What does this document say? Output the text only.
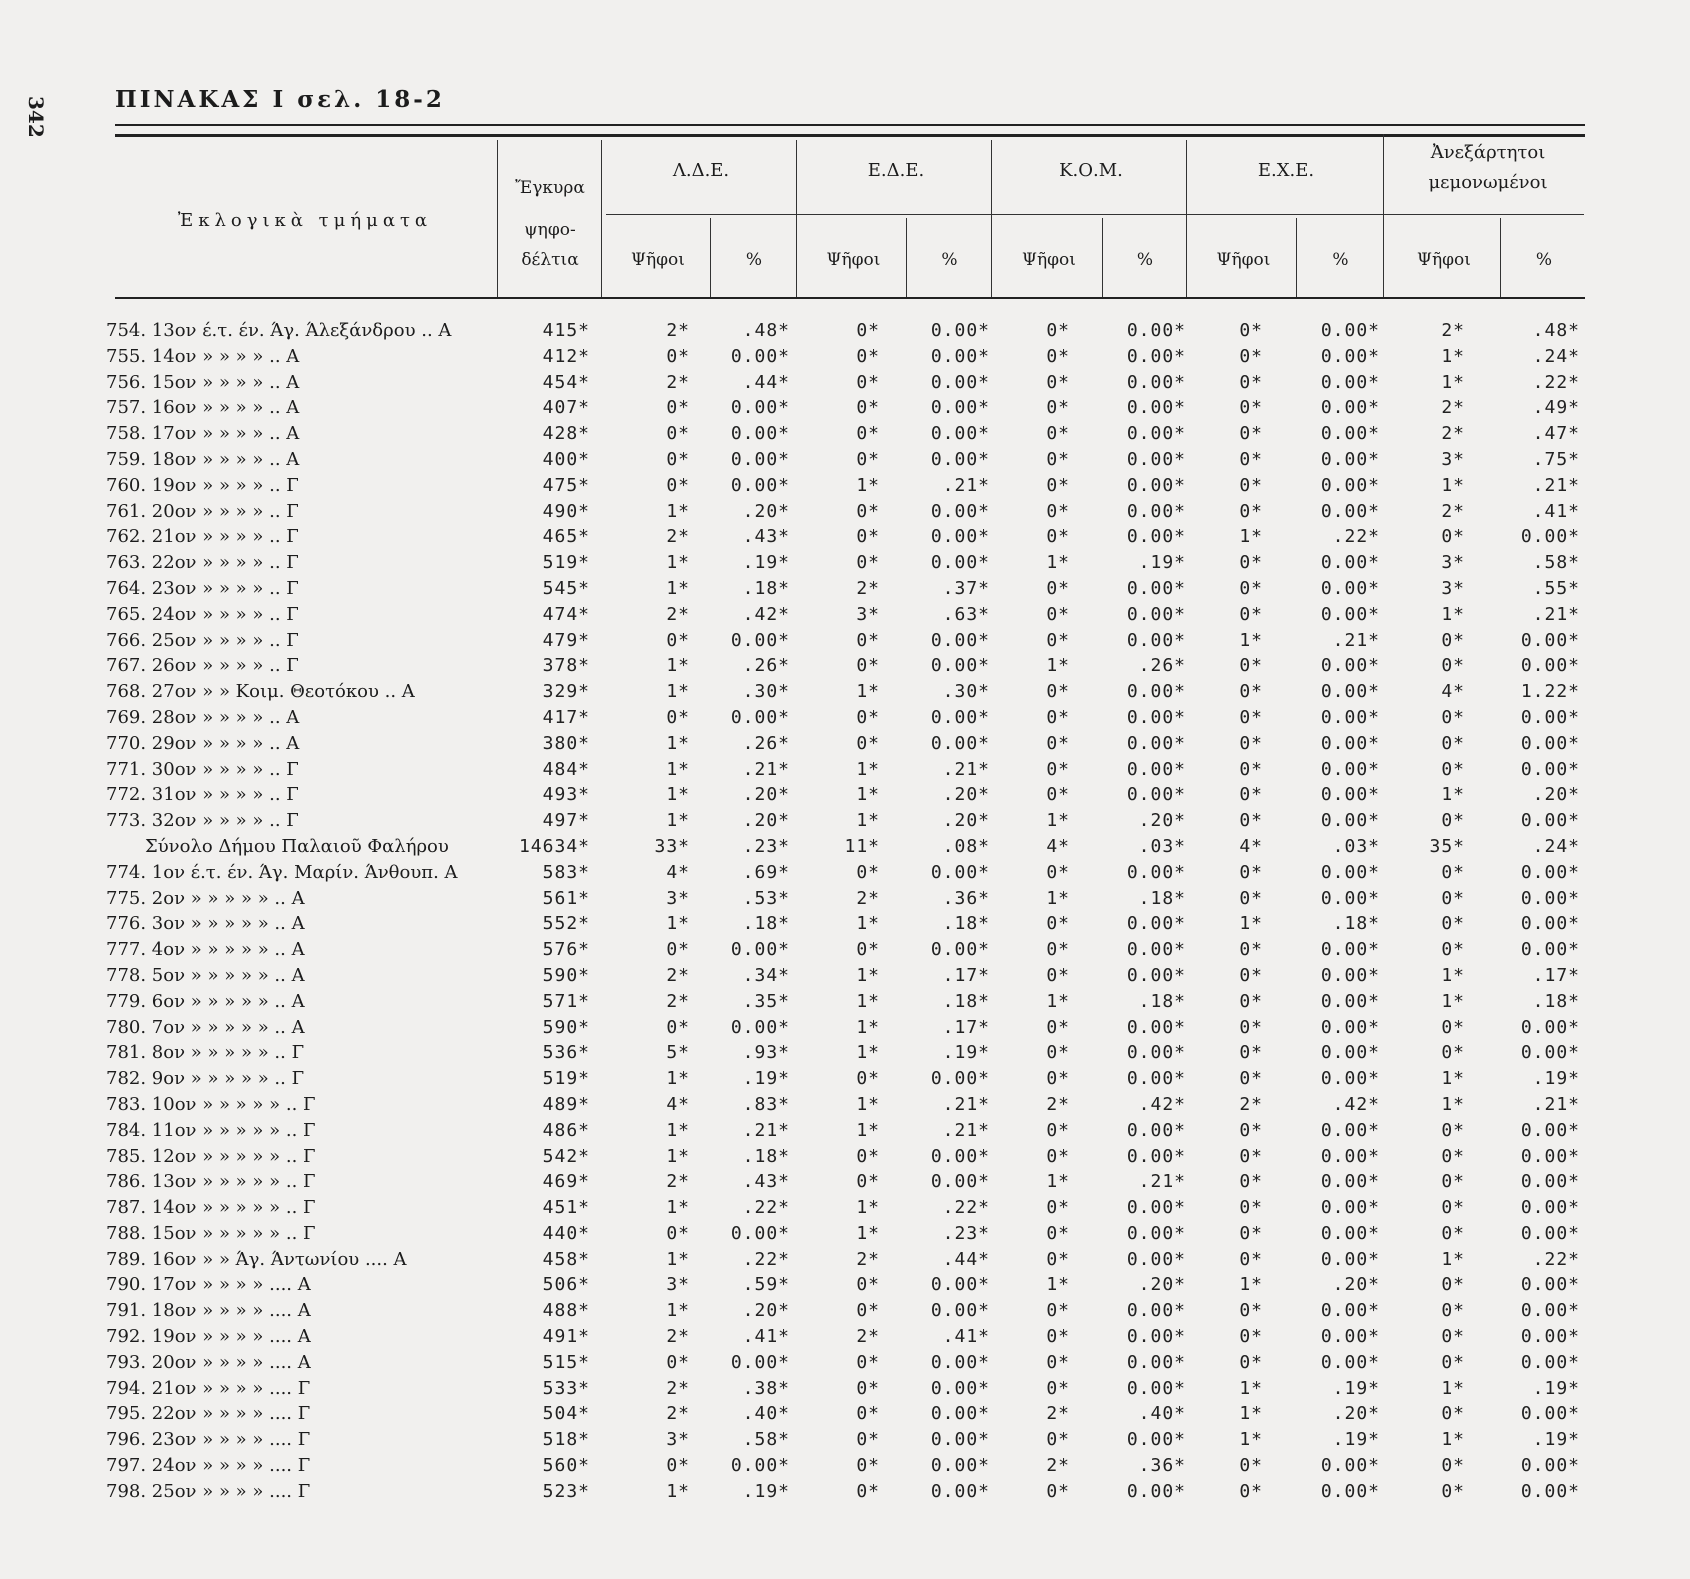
342	ΠΙΝΑΚΑΣ Ι σελ. 18-2
Ἐκλογικὰ τμήματα
Ἔγκυρα
ψηφο-
δέλτια
Λ.Δ.Ε.	Ε.Δ.Ε.	Κ.Ο.Μ.	Ε.Χ.Ε.
Ἀνεξάρτητοι
μεμονωμένοι
Ψῆφοι	%	Ψῆφοι	%	Ψῆφοι	%	Ψῆφοι	%	Ψῆφοι	%
754. 13ον έ.τ. έν. Άγ. Άλεξάνδρου .. Α	415*	2*	.48*	0*	0.00*	0*	0.00*	0*	0.00*	2*	.48*
755. 14ον » » » » .. Α	412*	0*	0.00*	0*	0.00*	0*	0.00*	0*	0.00*	1*	.24*
756. 15ον » » » » .. Α	454*	2*	.44*	0*	0.00*	0*	0.00*	0*	0.00*	1*	.22*
757. 16ον » » » » .. Α	407*	0*	0.00*	0*	0.00*	0*	0.00*	0*	0.00*	2*	.49*
758. 17ον » » » » .. Α	428*	0*	0.00*	0*	0.00*	0*	0.00*	0*	0.00*	2*	.47*
759. 18ον » » » » .. Α	400*	0*	0.00*	0*	0.00*	0*	0.00*	0*	0.00*	3*	.75*
760. 19ον » » » » .. Γ	475*	0*	0.00*	1*	.21*	0*	0.00*	0*	0.00*	1*	.21*
761. 20ον » » » » .. Γ	490*	1*	.20*	0*	0.00*	0*	0.00*	0*	0.00*	2*	.41*
762. 21ον » » » » .. Γ	465*	2*	.43*	0*	0.00*	0*	0.00*	1*	.22*	0*	0.00*
763. 22ον » » » » .. Γ	519*	1*	.19*	0*	0.00*	1*	.19*	0*	0.00*	3*	.58*
764. 23ον » » » » .. Γ	545*	1*	.18*	2*	.37*	0*	0.00*	0*	0.00*	3*	.55*
765. 24ον » » » » .. Γ	474*	2*	.42*	3*	.63*	0*	0.00*	0*	0.00*	1*	.21*
766. 25ον » » » » .. Γ	479*	0*	0.00*	0*	0.00*	0*	0.00*	1*	.21*	0*	0.00*
767. 26ον » » » » .. Γ	378*	1*	.26*	0*	0.00*	1*	.26*	0*	0.00*	0*	0.00*
768. 27ον » » Κοιμ. Θεοτόκου .. Α	329*	1*	.30*	1*	.30*	0*	0.00*	0*	0.00*	4*	1.22*
769. 28ον » » » » .. Α	417*	0*	0.00*	0*	0.00*	0*	0.00*	0*	0.00*	0*	0.00*
770. 29ον » » » » .. Α	380*	1*	.26*	0*	0.00*	0*	0.00*	0*	0.00*	0*	0.00*
771. 30ον » » » » .. Γ	484*	1*	.21*	1*	.21*	0*	0.00*	0*	0.00*	0*	0.00*
772. 31ον » » » » .. Γ	493*	1*	.20*	1*	.20*	0*	0.00*	0*	0.00*	1*	.20*
773. 32ον » » » » .. Γ	497*	1*	.20*	1*	.20*	1*	.20*	0*	0.00*	0*	0.00*
Σύνολο Δήμου Παλαιοῦ Φαλήρου	14634*	33*	.23*	11*	.08*	4*	.03*	4*	.03*	35*	.24*
774. 1ον έ.τ. έν. Άγ. Μαρίν. Άνθουπ. Α	583*	4*	.69*	0*	0.00*	0*	0.00*	0*	0.00*	0*	0.00*
775. 2ον » » » » » .. Α	561*	3*	.53*	2*	.36*	1*	.18*	0*	0.00*	0*	0.00*
776. 3ον » » » » » .. Α	552*	1*	.18*	1*	.18*	0*	0.00*	1*	.18*	0*	0.00*
777. 4ον » » » » » .. Α	576*	0*	0.00*	0*	0.00*	0*	0.00*	0*	0.00*	0*	0.00*
778. 5ον » » » » » .. Α	590*	2*	.34*	1*	.17*	0*	0.00*	0*	0.00*	1*	.17*
779. 6ον » » » » » .. Α	571*	2*	.35*	1*	.18*	1*	.18*	0*	0.00*	1*	.18*
780. 7ον » » » » » .. Α	590*	0*	0.00*	1*	.17*	0*	0.00*	0*	0.00*	0*	0.00*
781. 8ον » » » » » .. Γ	536*	5*	.93*	1*	.19*	0*	0.00*	0*	0.00*	0*	0.00*
782. 9ον » » » » » .. Γ	519*	1*	.19*	0*	0.00*	0*	0.00*	0*	0.00*	1*	.19*
783. 10ον » » » » » .. Γ	489*	4*	.83*	1*	.21*	2*	.42*	2*	.42*	1*	.21*
784. 11ον » » » » » .. Γ	486*	1*	.21*	1*	.21*	0*	0.00*	0*	0.00*	0*	0.00*
785. 12ον » » » » » .. Γ	542*	1*	.18*	0*	0.00*	0*	0.00*	0*	0.00*	0*	0.00*
786. 13ον » » » » » .. Γ	469*	2*	.43*	0*	0.00*	1*	.21*	0*	0.00*	0*	0.00*
787. 14ον » » » » » .. Γ	451*	1*	.22*	1*	.22*	0*	0.00*	0*	0.00*	0*	0.00*
788. 15ον » » » » » .. Γ	440*	0*	0.00*	1*	.23*	0*	0.00*	0*	0.00*	0*	0.00*
789. 16ον » » Άγ. Άντωνίου .... Α	458*	1*	.22*	2*	.44*	0*	0.00*	0*	0.00*	1*	.22*
790. 17ον » » » » .... Α	506*	3*	.59*	0*	0.00*	1*	.20*	1*	.20*	0*	0.00*
791. 18ον » » » » .... Α	488*	1*	.20*	0*	0.00*	0*	0.00*	0*	0.00*	0*	0.00*
792. 19ον » » » » .... Α	491*	2*	.41*	2*	.41*	0*	0.00*	0*	0.00*	0*	0.00*
793. 20ον » » » » .... Α	515*	0*	0.00*	0*	0.00*	0*	0.00*	0*	0.00*	0*	0.00*
794. 21ον » » » » .... Γ	533*	2*	.38*	0*	0.00*	0*	0.00*	1*	.19*	1*	.19*
795. 22ον » » » » .... Γ	504*	2*	.40*	0*	0.00*	2*	.40*	1*	.20*	0*	0.00*
796. 23ον » » » » .... Γ	518*	3*	.58*	0*	0.00*	0*	0.00*	1*	.19*	1*	.19*
797. 24ον » » » » .... Γ	560*	0*	0.00*	0*	0.00*	2*	.36*	0*	0.00*	0*	0.00*
798. 25ον » » » » .... Γ	523*	1*	.19*	0*	0.00*	0*	0.00*	0*	0.00*	0*	0.00*
